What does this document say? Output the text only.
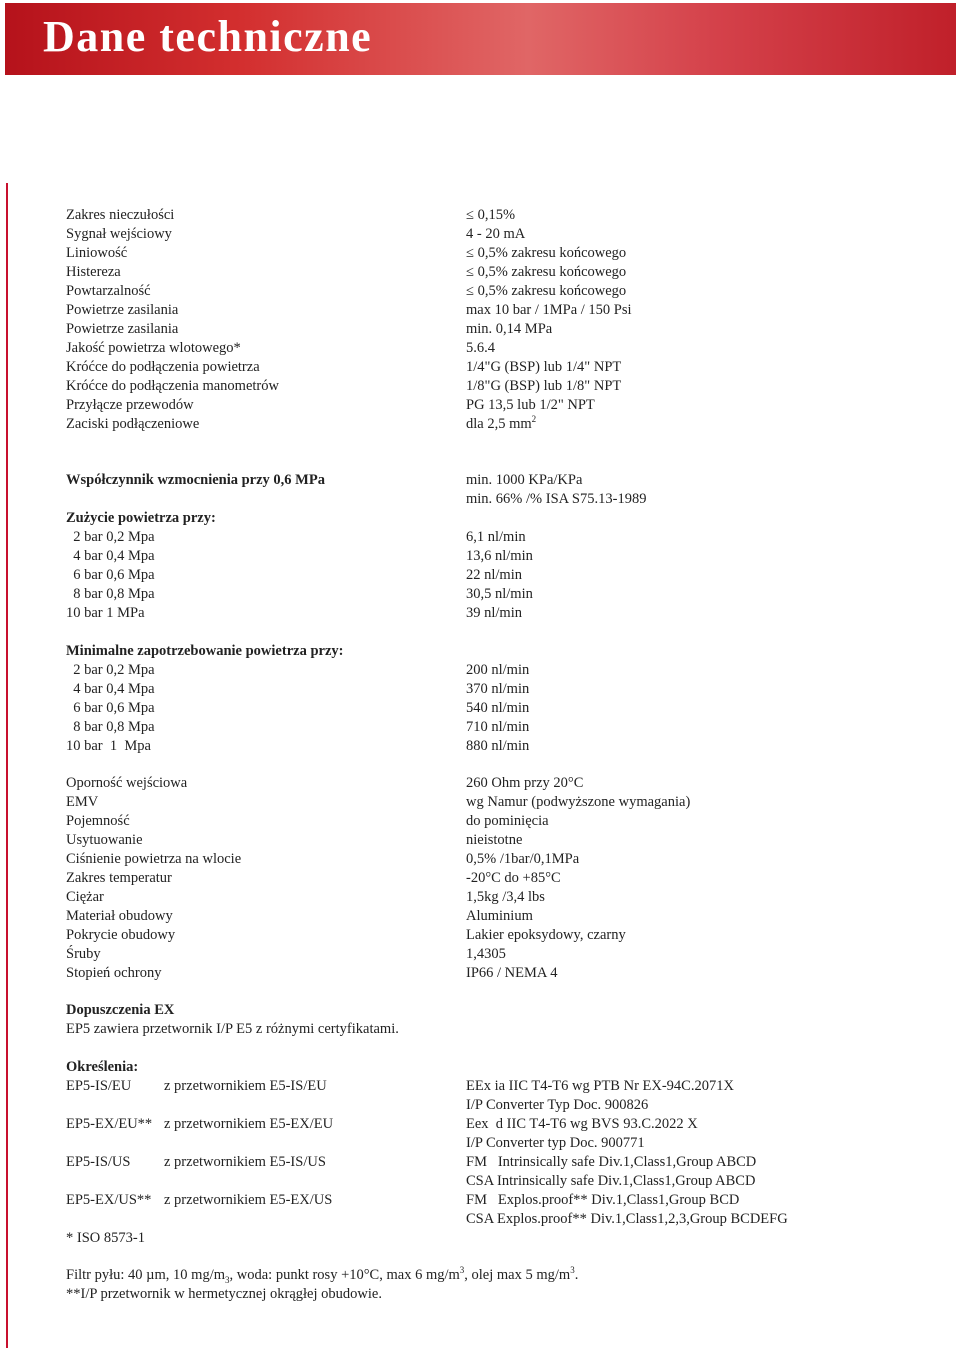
Dane techniczne
Zakres nieczułości	≤ 0,15%
Sygnał wejściowy	4 - 20 mA
Liniowość	≤ 0,5% zakresu końcowego
Histereza	≤ 0,5% zakresu końcowego
Powtarzalność	≤ 0,5% zakresu końcowego
Powietrze zasilania	max 10 bar / 1MPa / 150 Psi
Powietrze zasilania	min. 0,14 MPa
Jakość powietrza wlotowego*	5.6.4
Króćce do podłączenia powietrza	1/4"G (BSP) lub 1/4" NPT
Króćce do podłączenia manometrów	1/8"G (BSP) lub 1/8" NPT
Przyłącze przewodów	PG 13,5 lub 1/2" NPT
Zaciski podłączeniowe	dla 2,5 $mm^2$
Współczynnik wzmocnienia przy 0,6 MPa	min. 1000 KPa/KPa
min. 66% /% ISA S75.13-1989
Zużycie powietrza przy:
2 bar 0,2 Mpa	6,1 nl/min
4 bar 0,4 Mpa	13,6 nl/min
6 bar 0,6 Mpa	22 nl/min
8 bar 0,8 Mpa	30,5 nl/min
10 bar 1 MPa	39 nl/min
Minimalne zapotrzebowanie powietrza przy:
2 bar 0,2 Mpa	200 nl/min
4 bar 0,4 Mpa	370 nl/min
6 bar 0,6 Mpa	540 nl/min
8 bar 0,8 Mpa	710 nl/min
10 bar  1  Mpa	880 nl/min
Oporność wejściowa	260 Ohm przy 20°C
EMV	wg Namur (podwyższone wymagania)
Pojemność	do pominięcia
Usytuowanie	nieistotne
Ciśnienie powietrza na wlocie	0,5% /1bar/0,1MPa
Zakres temperatur	-20°C do +85°C
Ciężar	1,5kg /3,4 lbs
Materiał obudowy	Aluminium
Pokrycie obudowy	Lakier epoksydowy, czarny
Śruby	1,4305
Stopień ochrony	IP66 / NEMA 4
Dopuszczenia EX
EP5 zawiera przetwornik I/P E5 z różnymi certyfikatami.
Określenia:
EP5-IS/EU z przetwornikiem E5-IS/EU	EEx ia IIC T4-T6 wg PTB Nr EX-94C.2071X
I/P Converter Typ Doc. 900826
EP5-EX/EU** z przetwornikiem E5-EX/EU	Eex  d IIC T4-T6 wg BVS 93.C.2022 X
I/P Converter typ Doc. 900771
EP5-IS/US z przetwornikiem E5-IS/US	FM   Intrinsically safe Div.1,Class1,Group ABCD
CSA Intrinsically safe Div.1,Class1,Group ABCD
EP5-EX/US** z przetwornikiem E5-EX/US	FM   Explos.proof** Div.1,Class1,Group BCD
CSA Explos.proof** Div.1,Class1,2,3,Group BCDEFG
* ISO 8573-1
Filtr pyłu: 40 µm, 10 $mg/m_3$, woda: punkt rosy +10°C, max 6 $mg/m^3$, olej max 5 $mg/m^3$.
**I/P przetwornik w hermetycznej okrągłej obudowie.
